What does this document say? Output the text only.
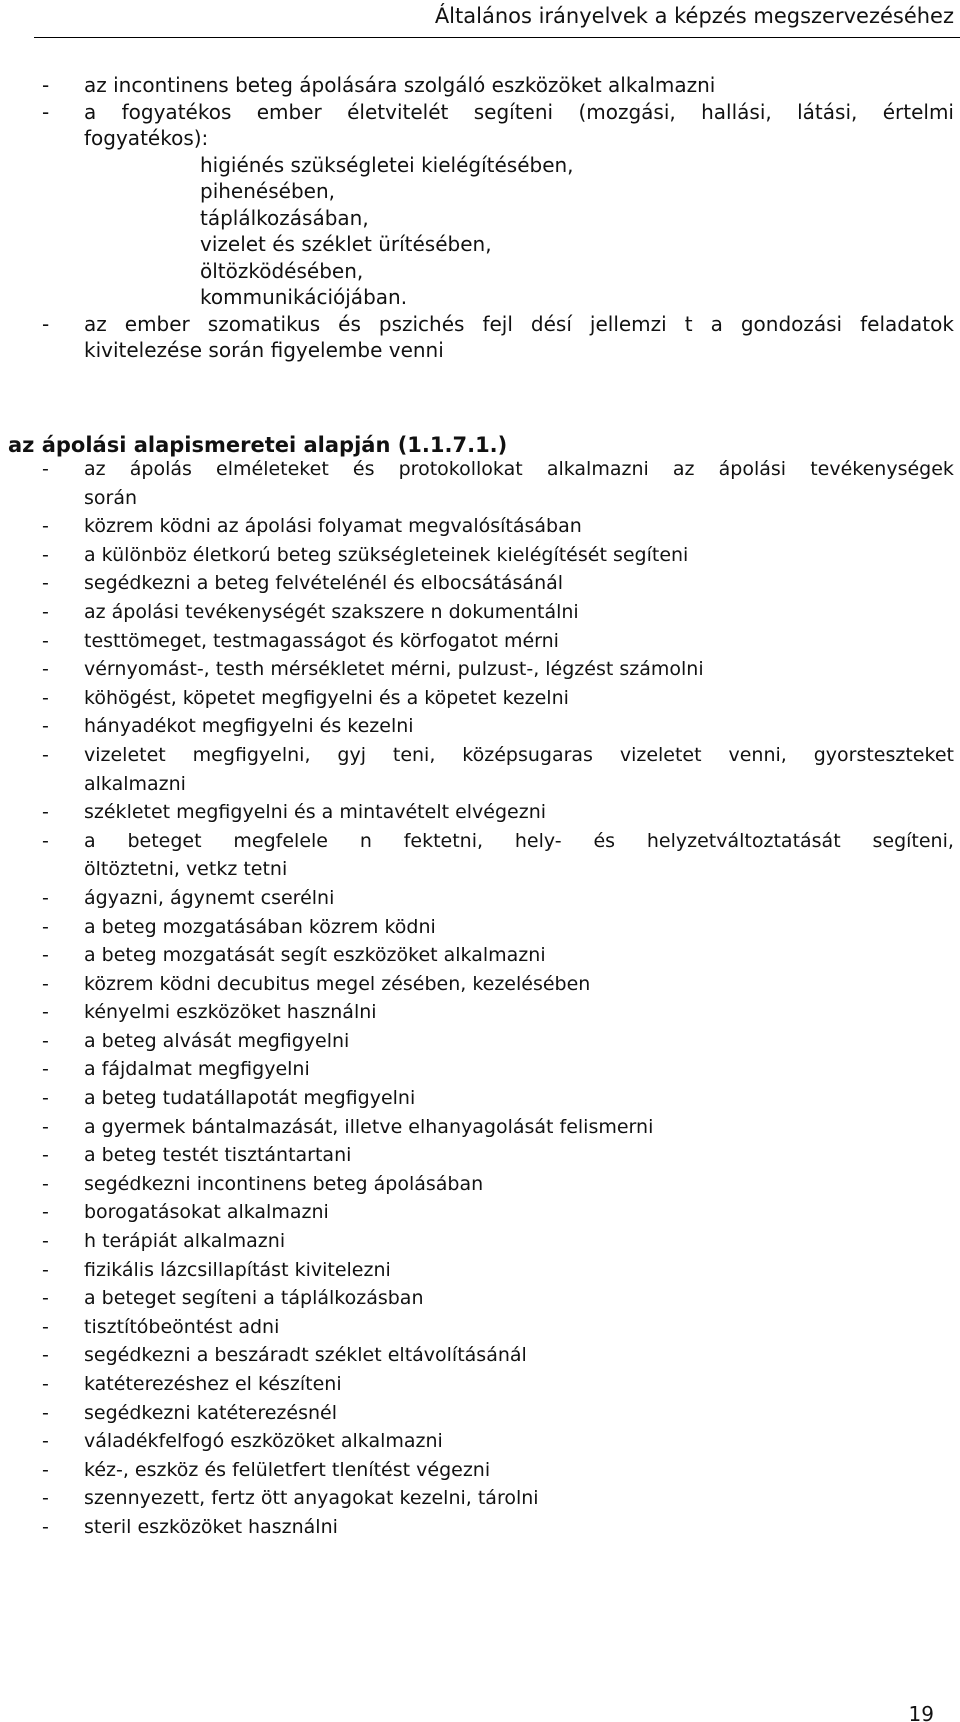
Általános irányelvek a képzés megszervezéséhez
- az incontinens beteg ápolására szolgáló eszközöket alkalmazni
- a fogyatékos ember életvitelét segíteni (mozgási, hallási, látási, értelmi
fogyatékos):
higiénés szükségletei kielégítésében,
pihenésében,
táplálkozásában,
vizelet és széklet ürítésében,
öltözködésében,
kommunikációjában.
- az ember szomatikus és pszichés fejl désí jellemzi t a gondozási feladatok
kivitelezése során figyelembe venni
az ápolási alapismeretei alapján (1.1.7.1.)
- az ápolás elméleteket és protokollokat alkalmazni az ápolási tevékenységek
során
- közrem ködni az ápolási folyamat megvalósításában
- a különböz életkorú beteg szükségleteinek kielégítését segíteni
- segédkezni a beteg felvételénél és elbocsátásánál
- az ápolási tevékenységét szakszere n dokumentálni
- testtömeget, testmagasságot és körfogatot mérni
- vérnyomást-, testh mérsékletet mérni, pulzust-, légzést számolni
- köhögést, köpetet megfigyelni és a köpetet kezelni
- hányadékot megfigyelni és kezelni
- vizeletet megfigyelni, gyj teni, középsugaras vizeletet venni, gyorsteszteket
alkalmazni
- székletet megfigyelni és a mintavételt elvégezni
- a beteget megfelele n fektetni, hely- és helyzetváltoztatását segíteni,
öltöztetni, vetkz tetni
- ágyazni, ágynemt cserélni
- a beteg mozgatásában közrem ködni
- a beteg mozgatását segít eszközöket alkalmazni
- közrem ködni decubitus megel zésében, kezelésében
- kényelmi eszközöket használni
- a beteg alvását megfigyelni
- a fájdalmat megfigyelni
- a beteg tudatállapotát megfigyelni
- a gyermek bántalmazását, illetve elhanyagolását felismerni
- a beteg testét tisztántartani
- segédkezni incontinens beteg ápolásában
- borogatásokat alkalmazni
- h terápiát alkalmazni
- fizikális lázcsillapítást kivitelezni
- a beteget segíteni a táplálkozásban
- tisztítóbeöntést adni
- segédkezni a beszáradt széklet eltávolításánál
- katéterezéshez el készíteni
- segédkezni katéterezésnél
- váladékfelfogó eszközöket alkalmazni
- kéz-, eszköz és felületfert tlenítést végezni
- szennyezett, fertz ött anyagokat kezelni, tárolni
- steril eszközöket használni
19
